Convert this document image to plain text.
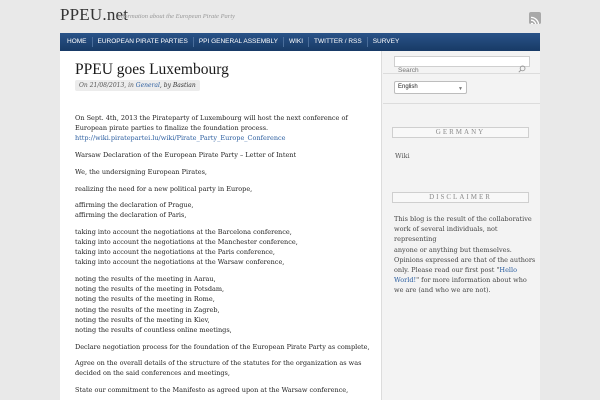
PPEU.net
Information about the European Pirate Party
HOME	EUROPEAN PIRATE PARTIES	PPI GENERAL ASSEMBLY	WIKI	TWITTER / RSS	SURVEY
PPEU goes Luxembourg
On 21/08/2013, in General, by Bastian

On Sept. 4th, 2013 the Pirateparty of Luxembourg will host the next conference of
European pirate parties to finalize the foundation process.
http://wiki.piratepartei.lu/wiki/Pirate_Party_Europe_Conference

Warsaw Declaration of the European Pirate Party – Letter of Intent

We, the undersigning European Pirates,

realizing the need for a new political party in Europe,

affirming the declaration of Prague,
affirming the declaration of Paris,

taking into account the negotiations at the Barcelona conference,
taking into account the negotiations at the Manchester conference,
taking into account the negotiations at the Paris conference,
taking into account the negotiations at the Warsaw conference,

noting the results of the meeting in Aarau,
noting the results of the meeting in Potsdam,
noting the results of the meeting in Rome,
noting the results of the meeting in Zagreb,
noting the results of the meeting in Kiev,
noting the results of countless online meetings,

Declare negotiation process for the foundation of the European Pirate Party as complete,

Agree on the overall details of the structure of the statutes for the organization as was
decided on the said conferences and meetings,

State our commitment to the Manifesto as agreed upon at the Warsaw conference,

Search
English	▼
GERMANY
Wiki
DISCLAIMER
This blog is the result of the collaborative
work of several individuals, not representing
anyone or anything but themselves.
Opinions expressed are that of the authors
only. Please read our first post "Hello
World!" for more information about who
we are (and who we are not).
